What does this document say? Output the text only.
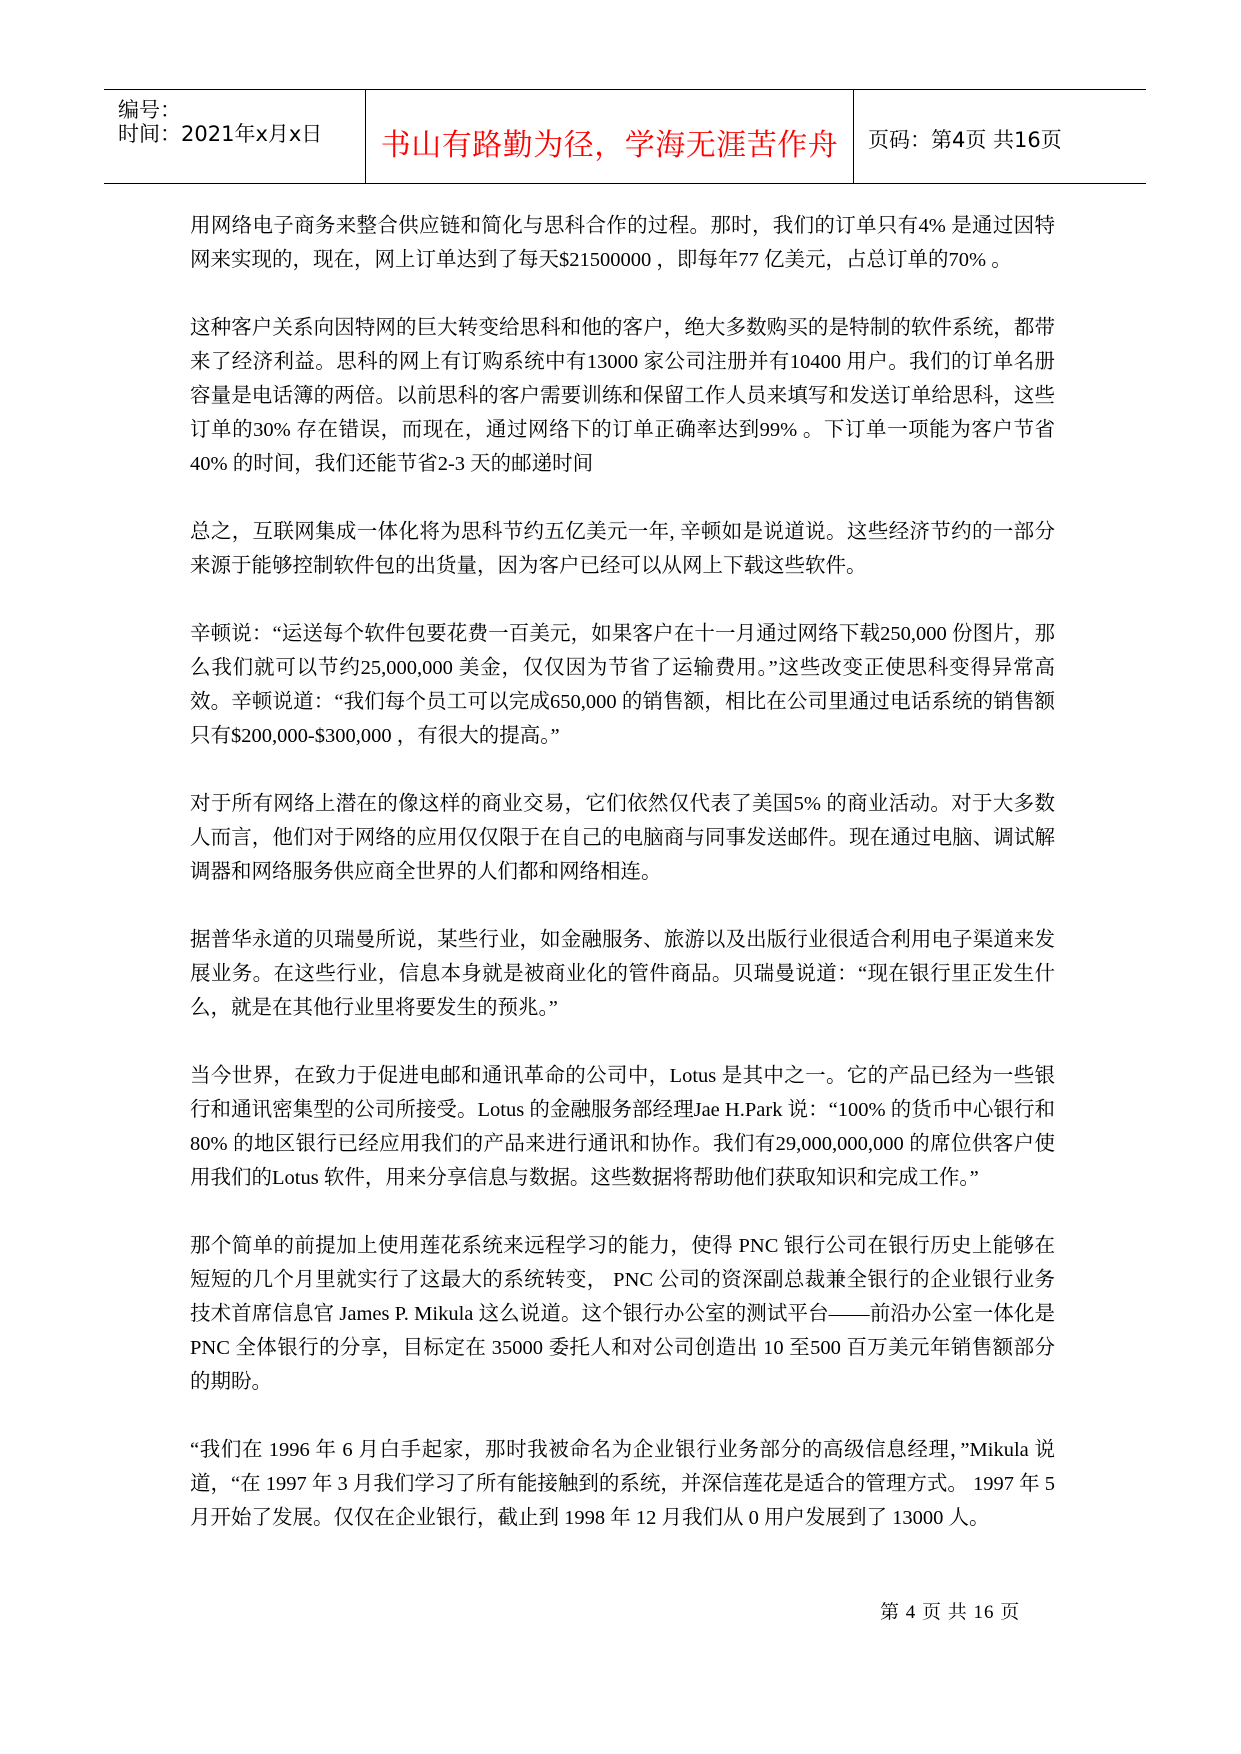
编号：
时间：2021年x月x日	书山有路勤为径，学海无涯苦作舟	页码：第4页 共16页

用网络电子商务来整合供应链和简化与思科合作的过程。那时，我们的订单只有4% 是通过因特网来实现的，现在，网上订单达到了每天$21500000 ，即每年77 亿美元，占总订单的70% 。

这种客户关系向因特网的巨大转变给思科和他的客户，绝大多数购买的是特制的软件系统，都带来了经济利益。思科的网上有订购系统中有13000 家公司注册并有10400 用户。我们的订单名册容量是电话簿的两倍。以前思科的客户需要训练和保留工作人员来填写和发送订单给思科，这些订单的30% 存在错误，而现在，通过网络下的订单正确率达到99% 。下订单一项能为客户节省40% 的时间，我们还能节省2-3 天的邮递时间

总之，互联网集成一体化将为思科节约五亿美元一年, 辛顿如是说道说。这些经济节约的一部分来源于能够控制软件包的出货量，因为客户已经可以从网上下载这些软件。

辛顿说：“运送每个软件包要花费一百美元，如果客户在十一月通过网络下载250,000 份图片，那么我们就可以节约25,000,000 美金，仅仅因为节省了运输费用。”这些改变正使思科变得异常高效。辛顿说道：“我们每个员工可以完成650,000 的销售额，相比在公司里通过电话系统的销售额只有$200,000-$300,000 ，有很大的提高。”

对于所有网络上潜在的像这样的商业交易，它们依然仅代表了美国5% 的商业活动。对于大多数人而言，他们对于网络的应用仅仅限于在自己的电脑商与同事发送邮件。现在通过电脑、调试解调器和网络服务供应商全世界的人们都和网络相连。

据普华永道的贝瑞曼所说，某些行业，如金融服务、旅游以及出版行业很适合利用电子渠道来发展业务。在这些行业，信息本身就是被商业化的管件商品。贝瑞曼说道：“现在银行里正发生什么，就是在其他行业里将要发生的预兆。”

当今世界，在致力于促进电邮和通讯革命的公司中，Lotus 是其中之一。它的产品已经为一些银行和通讯密集型的公司所接受。Lotus 的金融服务部经理Jae H.Park 说：“100% 的货币中心银行和80% 的地区银行已经应用我们的产品来进行通讯和协作。我们有29,000,000,000 的席位供客户使用我们的Lotus 软件，用来分享信息与数据。这些数据将帮助他们获取知识和完成工作。”

那个简单的前提加上使用莲花系统来远程学习的能力，使得 PNC 银行公司在银行历史上能够在短短的几个月里就实行了这最大的系统转变， PNC 公司的资深副总裁兼全银行的企业银行业务技术首席信息官 James P. Mikula 这么说道。这个银行办公室的测试平台——前沿办公室一体化是 PNC 全体银行的分享，目标定在 35000 委托人和对公司创造出 10 至500 百万美元年销售额部分的期盼。

“我们在 1996 年 6 月白手起家，那时我被命名为企业银行业务部分的高级信息经理，”Mikula 说道，“在 1997 年 3 月我们学习了所有能接触到的系统，并深信莲花是适合的管理方式。 1997 年 5 月开始了发展。仅仅在企业银行，截止到 1998 年 12 月我们从 0 用户发展到了 13000 人。

第 4 页 共 16 页
